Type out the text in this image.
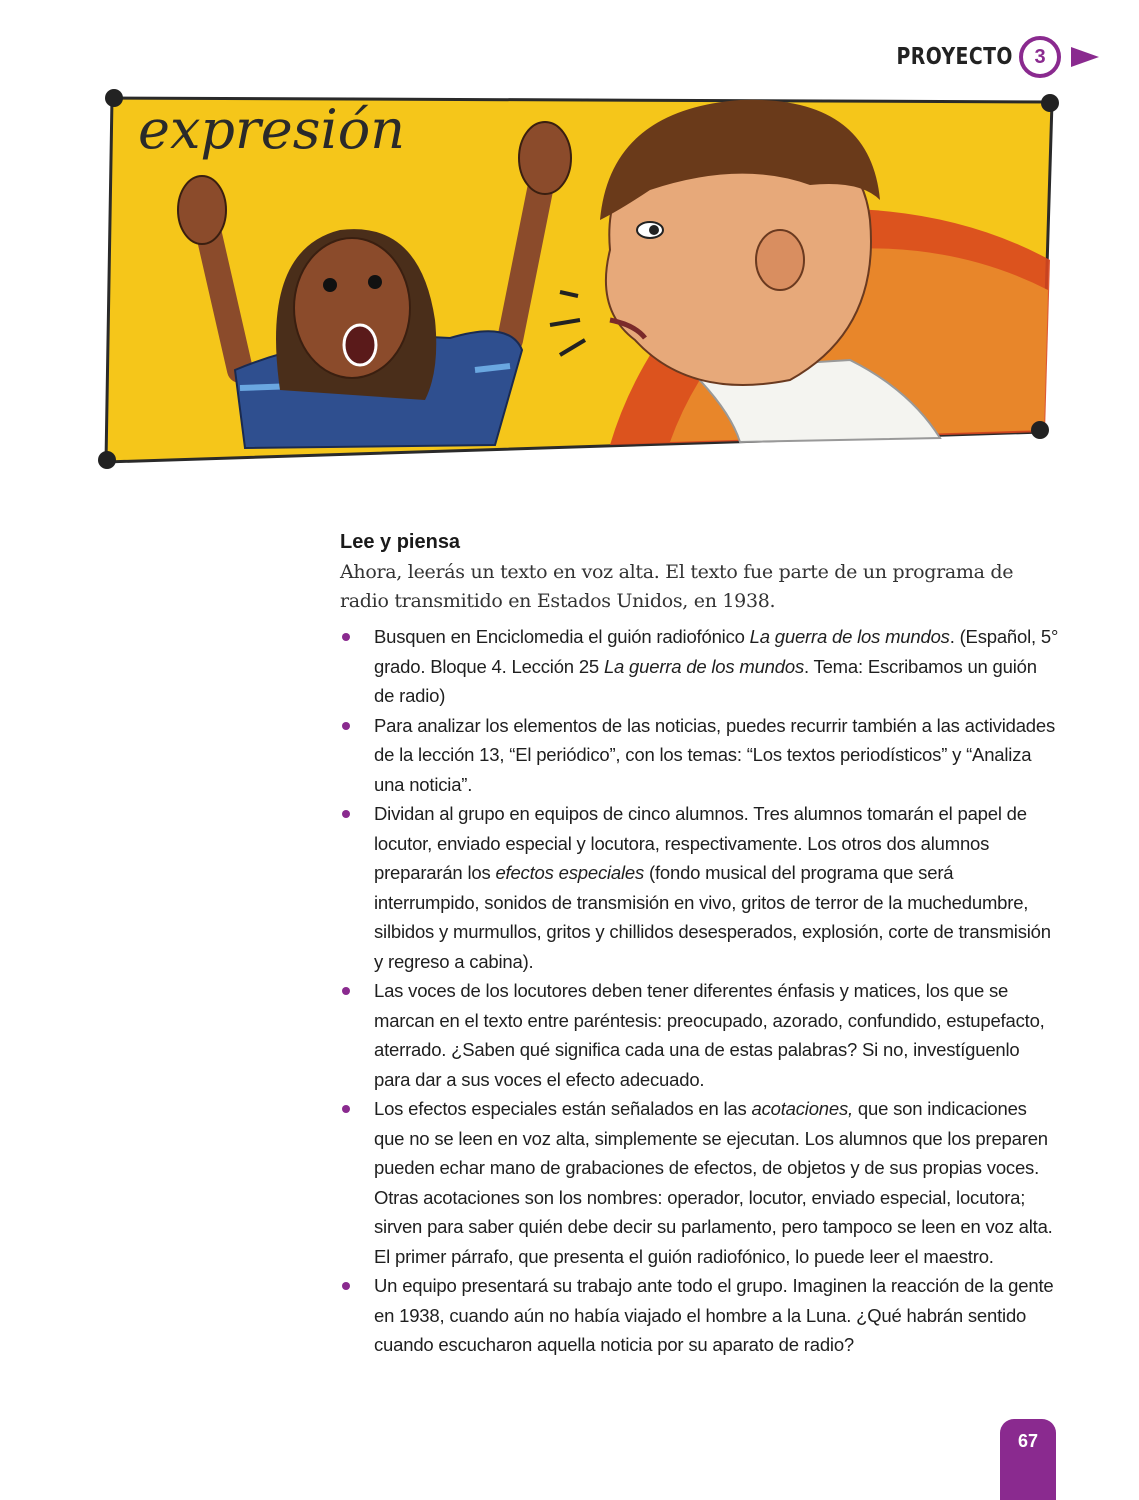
PROYECTO	3
expresión
Lee y piensa

Ahora, leerás un texto en voz alta. El texto fue parte de un programa de radio transmitido en Estados Unidos, en 1938.

Busquen en Enciclomedia el guión radiofónico La guerra de los mundos. (Español, 5° grado. Bloque 4. Lección 25 La guerra de los mundos. Tema: Escribamos un guión de radio)
Para analizar los elementos de las noticias, puedes recurrir también a las actividades de la lección 13, “El periódico”, con los temas: “Los textos periodísticos” y “Analiza una noticia”.
Dividan al grupo en equipos de cinco alumnos. Tres alumnos tomarán el papel de locutor, enviado especial y locutora, respectivamente. Los otros dos alumnos prepararán los efectos especiales (fondo musical del programa que será interrumpido, sonidos de transmisión en vivo, gritos de terror de la muchedumbre, silbidos y murmullos, gritos y chillidos desesperados, explosión, corte de transmisión y regreso a cabina).
Las voces de los locutores deben tener diferentes énfasis y matices, los que se marcan en el texto entre paréntesis: preocupado, azorado, confundido, estupefacto, aterrado. ¿Saben qué significa cada una de estas palabras? Si no, investíguenlo para dar a sus voces el efecto adecuado.
Los efectos especiales están señalados en las acotaciones, que son indicaciones que no se leen en voz alta, simplemente se ejecutan. Los alumnos que los preparen pueden echar mano de grabaciones de efectos, de objetos y de sus propias voces. Otras acotaciones son los nombres: operador, locutor, enviado especial, locutora; sirven para saber quién debe decir su parlamento, pero tampoco se leen en voz alta. El primer párrafo, que presenta el guión radiofónico, lo puede leer el maestro.
Un equipo presentará su trabajo ante todo el grupo. Imaginen la reacción de la gente en 1938, cuando aún no había viajado el hombre a la Luna. ¿Qué habrán sentido cuando escucharon aquella noticia por su aparato de radio?
67
